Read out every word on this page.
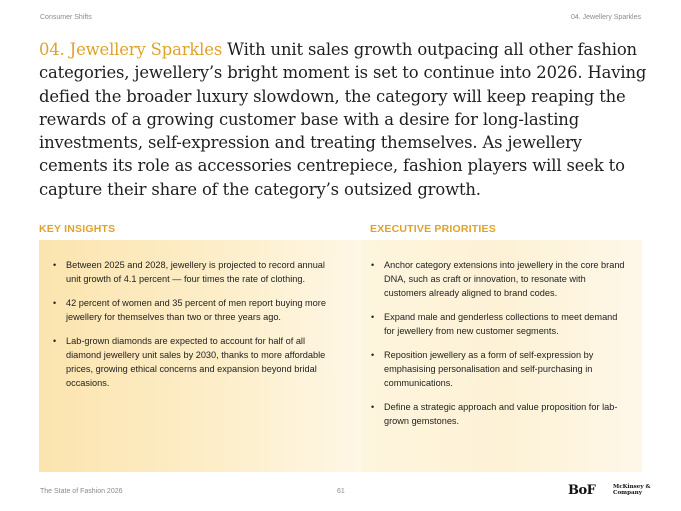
Consumer Shifts	04. Jewellery Sparkles

04. Jewellery Sparkles With unit sales growth outpacing all other fashion categories, jewellery’s bright moment is set to continue into 2026. Having defied the broader luxury slowdown, the category will keep reaping the rewards of a growing customer base with a desire for long-lasting investments, self-expression and treating themselves. As jewellery cements its role as accessories centrepiece, fashion players will seek to capture their share of the category’s outsized growth.

KEY INSIGHTS	EXECUTIVE PRIORITIES
• Between 2025 and 2028, jewellery is projected to record annual unit growth of 4.1 percent — four times the rate of clothing.
• 42 percent of women and 35 percent of men report buying more jewellery for themselves than two or three years ago.
• Lab-grown diamonds are expected to account for half of all diamond jewellery unit sales by 2030, thanks to more affordable prices, growing ethical concerns and expansion beyond bridal occasions.
• Anchor category extensions into jewellery in the core brand DNA, such as craft or innovation, to resonate with customers already aligned to brand codes.
• Expand male and genderless collections to meet demand for jewellery from new customer segments.
• Reposition jewellery as a form of self-expression by emphasising personalisation and self-purchasing in communications.
• Define a strategic approach and value proposition for lab-grown gemstones.
The State of Fashion 2026	61	BoF	McKinsey & Company
